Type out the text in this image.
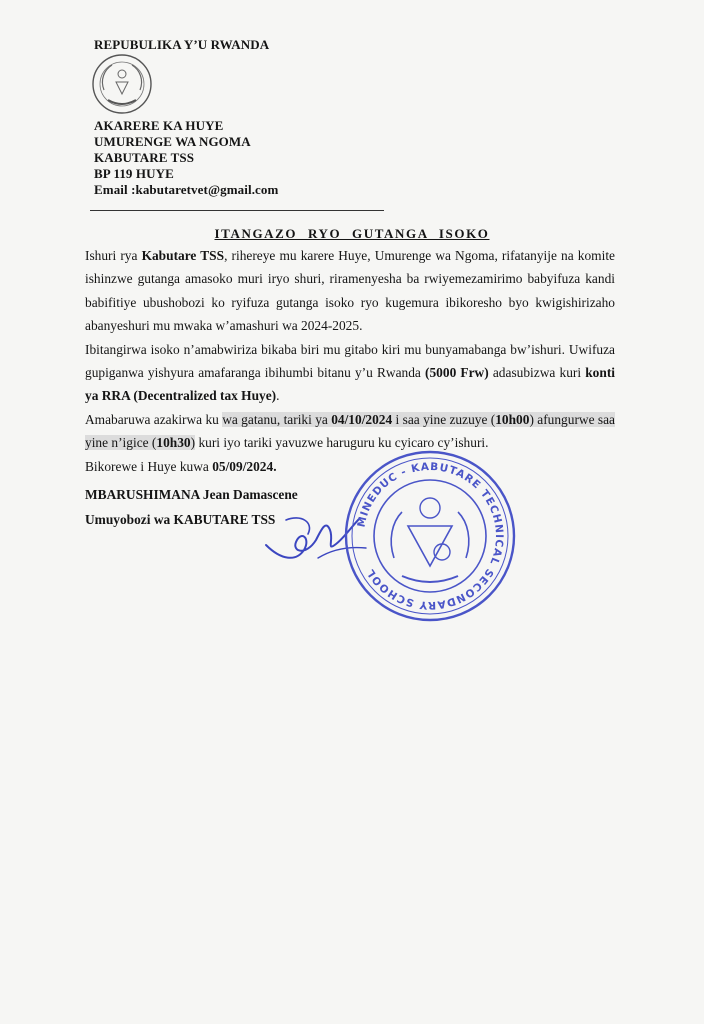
REPUBULIKA Y’U RWANDA
AKARERE KA HUYE
UMURENGE WA NGOMA
KABUTARE TSS
BP 119 HUYE
Email :kabutaretvet@gmail.com
ITANGAZO RYO GUTANGA ISOKO

Ishuri rya Kabutare TSS, rihereye mu karere Huye, Umurenge wa Ngoma, rifatanyije na komite ishinzwe gutanga amasoko muri iryo shuri, riramenyesha ba rwiyemezamirimo babyifuza kandi babifitiye ubushobozi ko ryifuza gutanga isoko ryo kugemura ibikoresho byo kwigishirizaho abanyeshuri mu mwaka w’amashuri wa 2024-2025.

Ibitangirwa isoko n’amabwiriza bikaba biri mu gitabo kiri mu bunyamabanga bw’ishuri. Uwifuza gupiganwa yishyura amafaranga ibihumbi bitanu y’u Rwanda (5000 Frw) adasubizwa kuri konti ya RRA (Decentralized tax Huye).

Amabaruwa azakirwa ku wa gatanu, tariki ya 04/10/2024 i saa yine zuzuye (10h00) afungurwe saa yine n’igice (10h30) kuri iyo tariki yavuzwe haruguru ku cyicaro cy’ishuri.

Bikorewe i Huye kuwa 05/09/2024.

MBARUSHIMANA Jean Damascene
Umuyobozi wa KABUTARE TSS	MINEDUC - KABUTARE TECHNICAL SECONDARY SCHOOL
